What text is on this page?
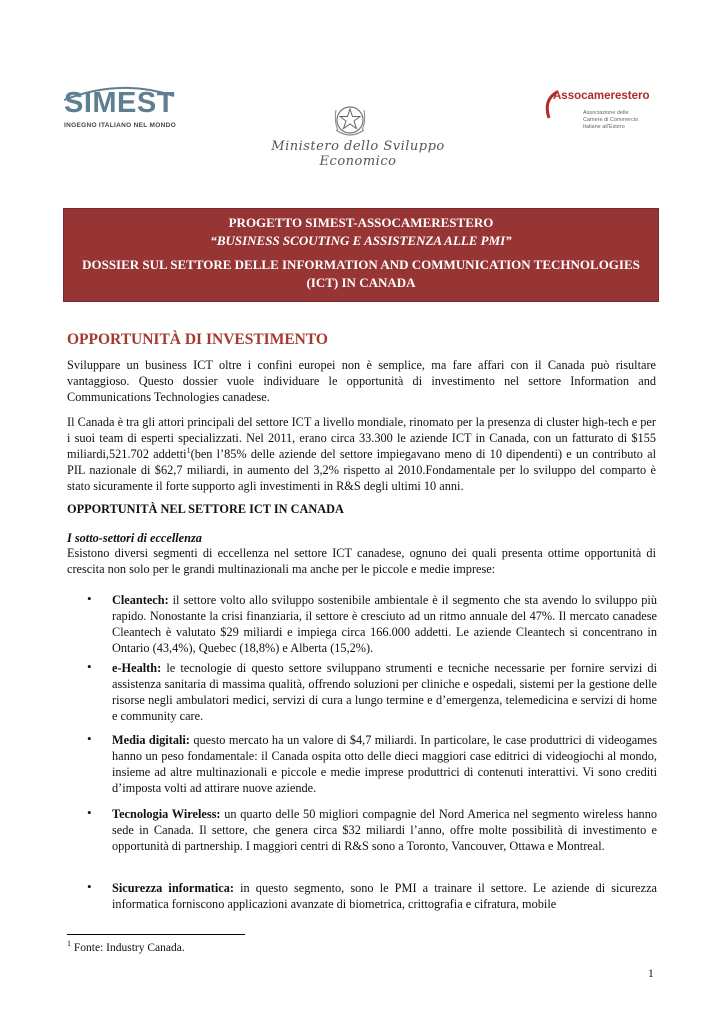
SIMEST
INGEGNO ITALIANO NEL MONDO
Ministero dello Sviluppo Economico
Assocamerestero
Associazione delle Camere di Commercio Italiane all'Estero
PROGETTO SIMEST-ASSOCAMERESTERO
“BUSINESS SCOUTING E ASSISTENZA ALLE PMI”
DOSSIER SUL SETTORE DELLE INFORMATION AND COMMUNICATION TECHNOLOGIES
(ICT) IN CANADA
OPPORTUNITÀ DI INVESTIMENTO

Sviluppare un business ICT oltre i confini europei non è semplice, ma fare affari con il Canada può risultare vantaggioso. Questo dossier vuole individuare le opportunità di investimento nel settore Information and Communications Technologies canadese.

Il Canada è tra gli attori principali del settore ICT a livello mondiale, rinomato per la presenza di cluster high-tech e per i suoi team di esperti specializzati. Nel 2011, erano circa 33.300 le aziende ICT in Canada, con un fatturato di $155 miliardi,521.702 addetti$^1$(ben l’85% delle aziende del settore impiegavano meno di 10 dipendenti) e un contributo al PIL nazionale di $62,7 miliardi, in aumento del 3,2% rispetto al 2010.Fondamentale per lo sviluppo del comparto è stato sicuramente il forte supporto agli investimenti in R&S degli ultimi 10 anni.

OPPORTUNITÀ NEL SETTORE ICT IN CANADA

I sotto-settori di eccellenza

Esistono diversi segmenti di eccellenza nel settore ICT canadese, ognuno dei quali presenta ottime opportunità di crescita non solo per le grandi multinazionali ma anche per le piccole e medie imprese:

• Cleantech: il settore volto allo sviluppo sostenibile ambientale è il segmento che sta avendo lo sviluppo più rapido. Nonostante la crisi finanziaria, il settore è cresciuto ad un ritmo annuale del 47%. Il mercato canadese Cleantech è valutato $29 miliardi e impiega circa 166.000 addetti. Le aziende Cleantech si concentrano in Ontario (43,4%), Quebec (18,8%) e Alberta (15,2%).
• e-Health: le tecnologie di questo settore sviluppano strumenti e tecniche necessarie per fornire servizi di assistenza sanitaria di massima qualità, offrendo soluzioni per cliniche e ospedali, sistemi per la gestione delle risorse negli ambulatori medici, servizi di cura a lungo termine e d’emergenza, telemedicina e servizi di home e community care.
• Media digitali: questo mercato ha un valore di $4,7 miliardi. In particolare, le case produttrici di videogames hanno un peso fondamentale: il Canada ospita otto delle dieci maggiori case editrici di videogiochi al mondo, insieme ad altre multinazionali e piccole e medie imprese produttrici di contenuti interattivi. Vi sono crediti d’imposta volti ad attirare nuove aziende.
• Tecnologia Wireless: un quarto delle 50 migliori compagnie del Nord America nel segmento wireless hanno sede in Canada. Il settore, che genera circa $32 miliardi l’anno, offre molte possibilità di investimento e opportunità di partnership. I maggiori centri di R&S sono a Toronto, Vancouver, Ottawa e Montreal.
• Sicurezza informatica: in questo segmento, sono le PMI a trainare il settore. Le aziende di sicurezza informatica forniscono applicazioni avanzate di biometrica, crittografia e cifratura, mobile
$^1$ Fonte: Industry Canada.
1
